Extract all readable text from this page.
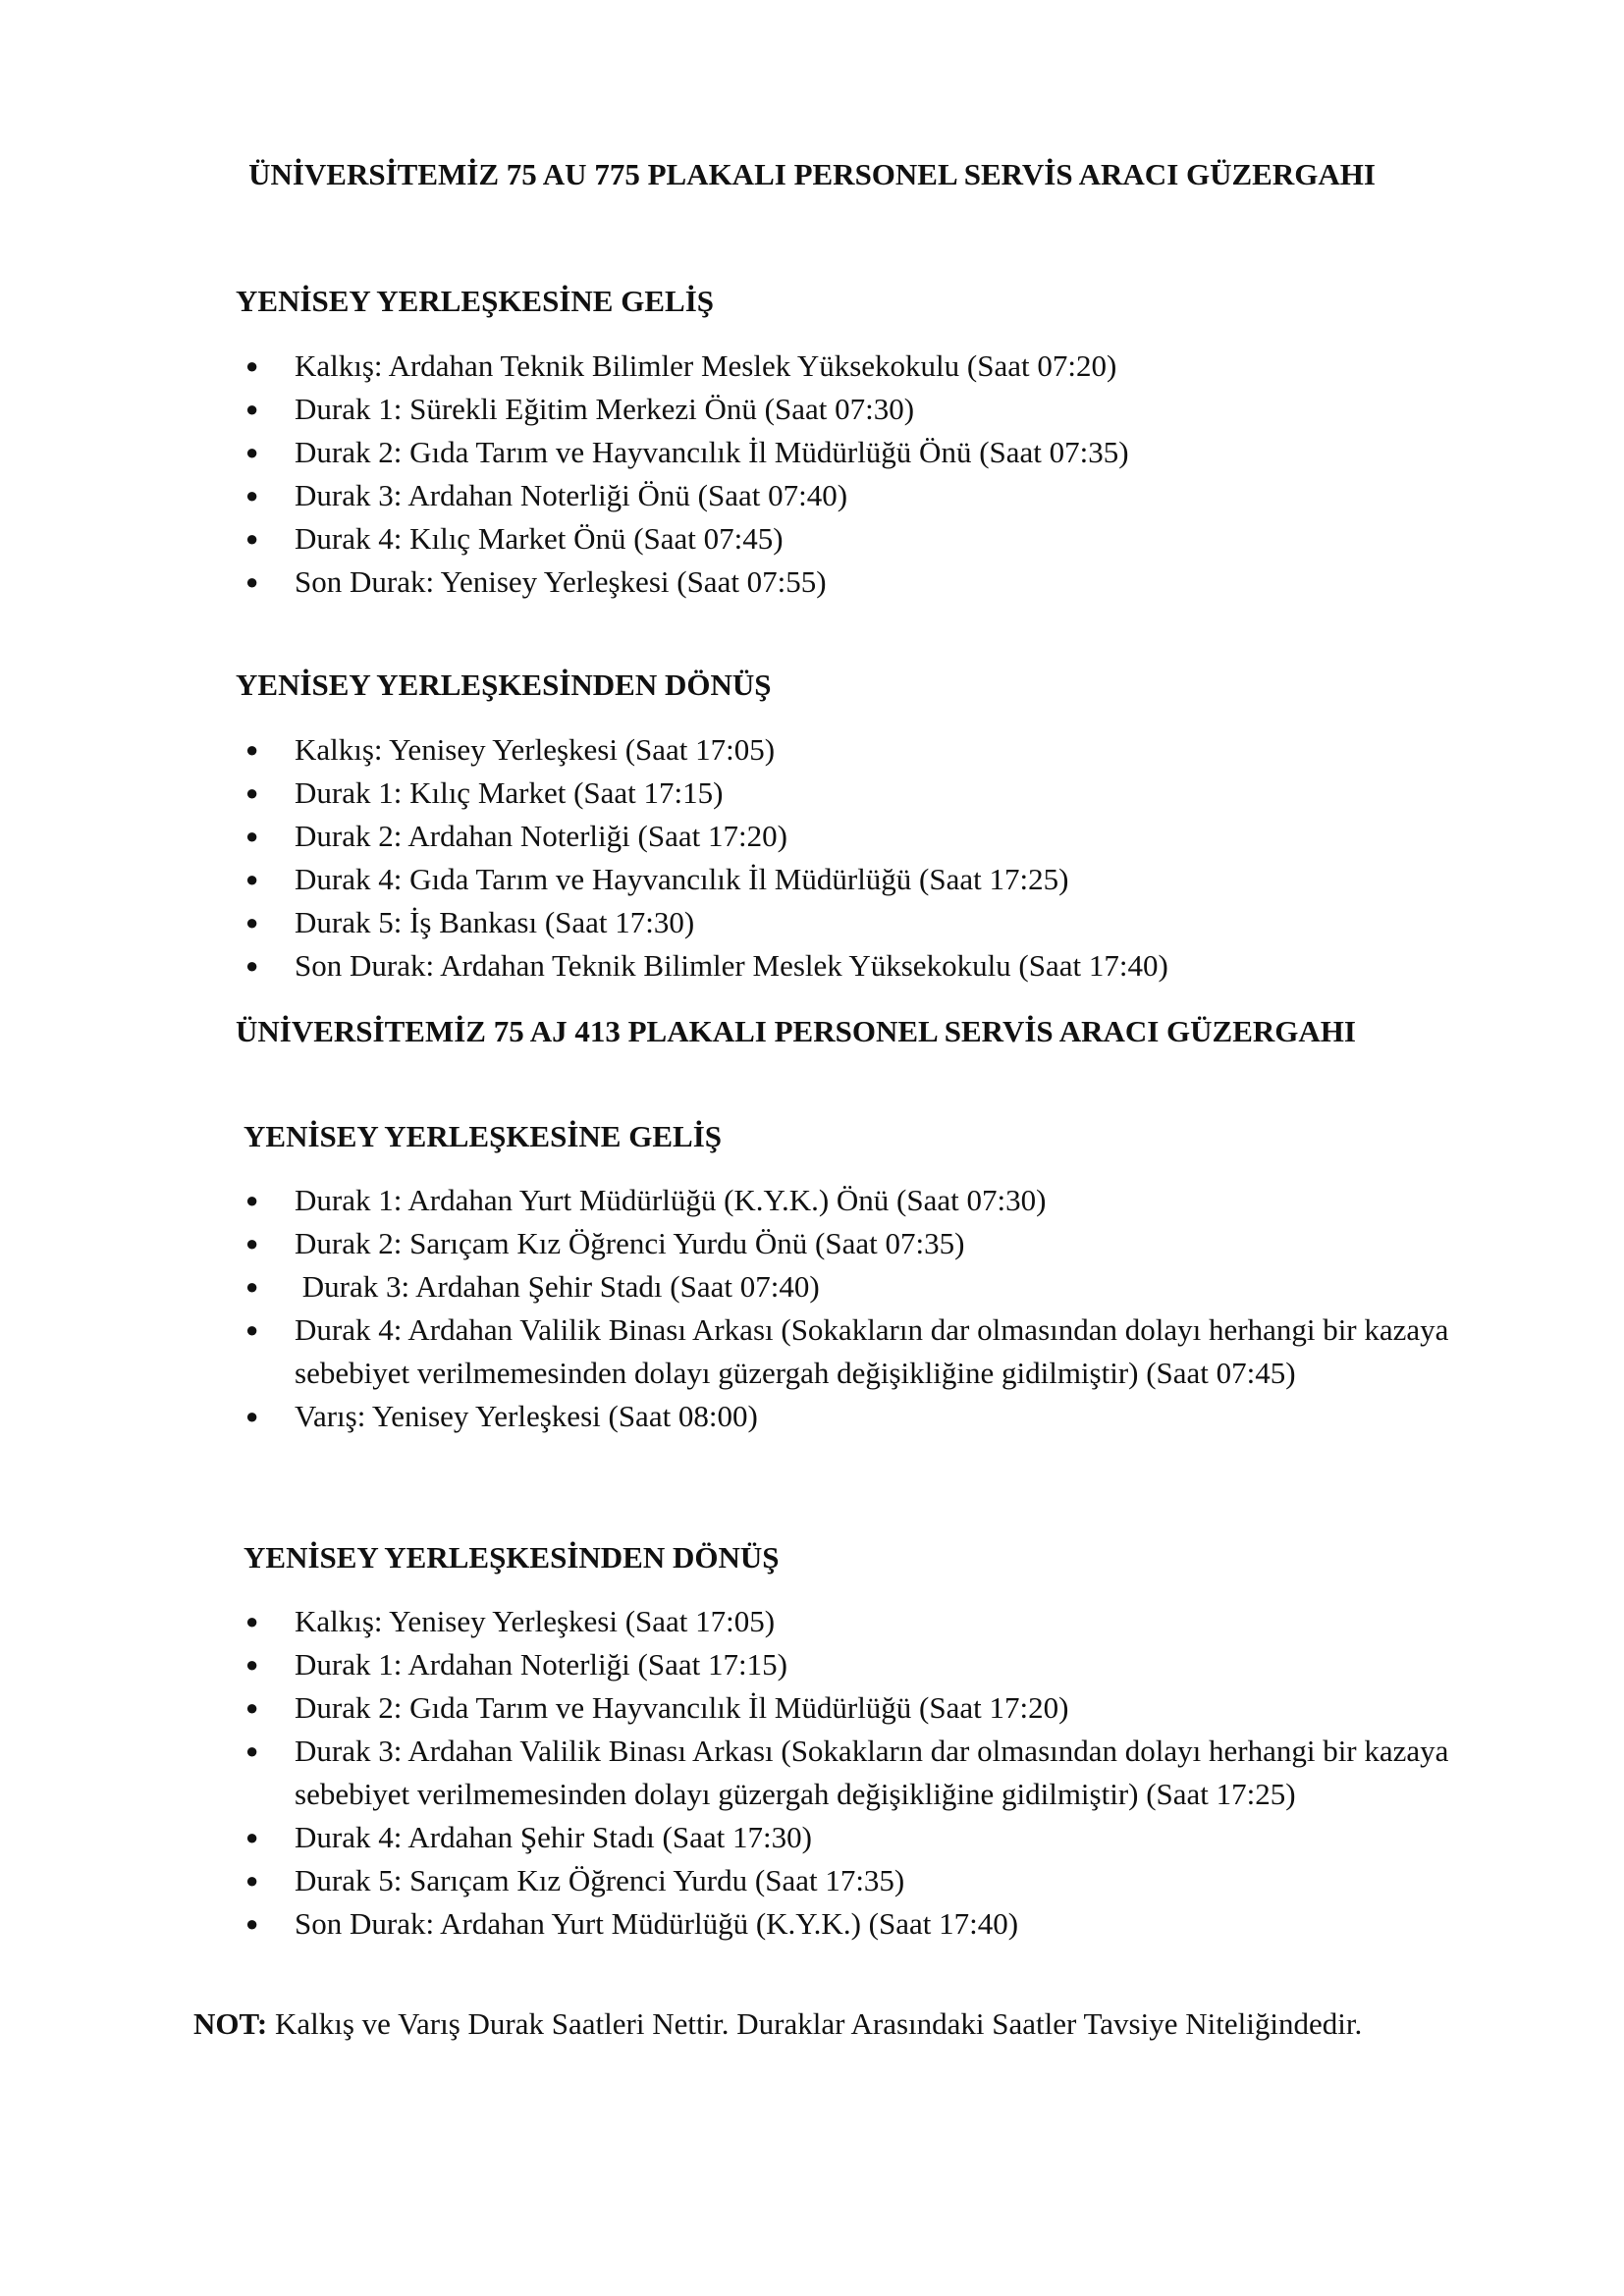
ÜNİVERSİTEMİZ 75 AU 775 PLAKALI PERSONEL SERVİS ARACI GÜZERGAHI
YENİSEY YERLEŞKESİNE GELİŞ
●	Kalkış: Ardahan Teknik Bilimler Meslek Yüksekokulu (Saat 07:20)
●	Durak 1: Sürekli Eğitim Merkezi Önü (Saat 07:30)
●	Durak 2: Gıda Tarım ve Hayvancılık İl Müdürlüğü Önü (Saat 07:35)
●	Durak 3: Ardahan Noterliği Önü (Saat 07:40)
●	Durak 4: Kılıç Market Önü (Saat 07:45)
●	Son Durak: Yenisey Yerleşkesi (Saat 07:55)
YENİSEY YERLEŞKESİNDEN DÖNÜŞ
●	Kalkış: Yenisey Yerleşkesi (Saat 17:05)
●	Durak 1: Kılıç Market (Saat 17:15)
●	Durak 2: Ardahan Noterliği (Saat 17:20)
●	Durak 4: Gıda Tarım ve Hayvancılık İl Müdürlüğü (Saat 17:25)
●	Durak 5: İş Bankası (Saat 17:30)
●	Son Durak: Ardahan Teknik Bilimler Meslek Yüksekokulu (Saat 17:40)
ÜNİVERSİTEMİZ 75 AJ 413 PLAKALI PERSONEL SERVİS ARACI GÜZERGAHI
YENİSEY YERLEŞKESİNE GELİŞ
●	Durak 1: Ardahan Yurt Müdürlüğü (K.Y.K.) Önü (Saat 07:30)
●	Durak 2: Sarıçam Kız Öğrenci Yurdu Önü (Saat 07:35)
●	Durak 3: Ardahan Şehir Stadı (Saat 07:40)
●	Durak 4: Ardahan Valilik Binası Arkası (Sokakların dar olmasından dolayı herhangi bir kazaya sebebiyet verilmemesinden dolayı güzergah değişikliğine gidilmiştir) (Saat 07:45)
●	Varış: Yenisey Yerleşkesi (Saat 08:00)
YENİSEY YERLEŞKESİNDEN DÖNÜŞ
●	Kalkış: Yenisey Yerleşkesi (Saat 17:05)
●	Durak 1: Ardahan Noterliği (Saat 17:15)
●	Durak 2: Gıda Tarım ve Hayvancılık İl Müdürlüğü (Saat 17:20)
●	Durak 3: Ardahan Valilik Binası Arkası (Sokakların dar olmasından dolayı herhangi bir kazaya sebebiyet verilmemesinden dolayı güzergah değişikliğine gidilmiştir) (Saat 17:25)
●	Durak 4: Ardahan Şehir Stadı (Saat 17:30)
●	Durak 5: Sarıçam Kız Öğrenci Yurdu (Saat 17:35)
●	Son Durak: Ardahan Yurt Müdürlüğü (K.Y.K.) (Saat 17:40)

NOT: Kalkış ve Varış Durak Saatleri Nettir. Duraklar Arasındaki Saatler Tavsiye Niteliğindedir.
